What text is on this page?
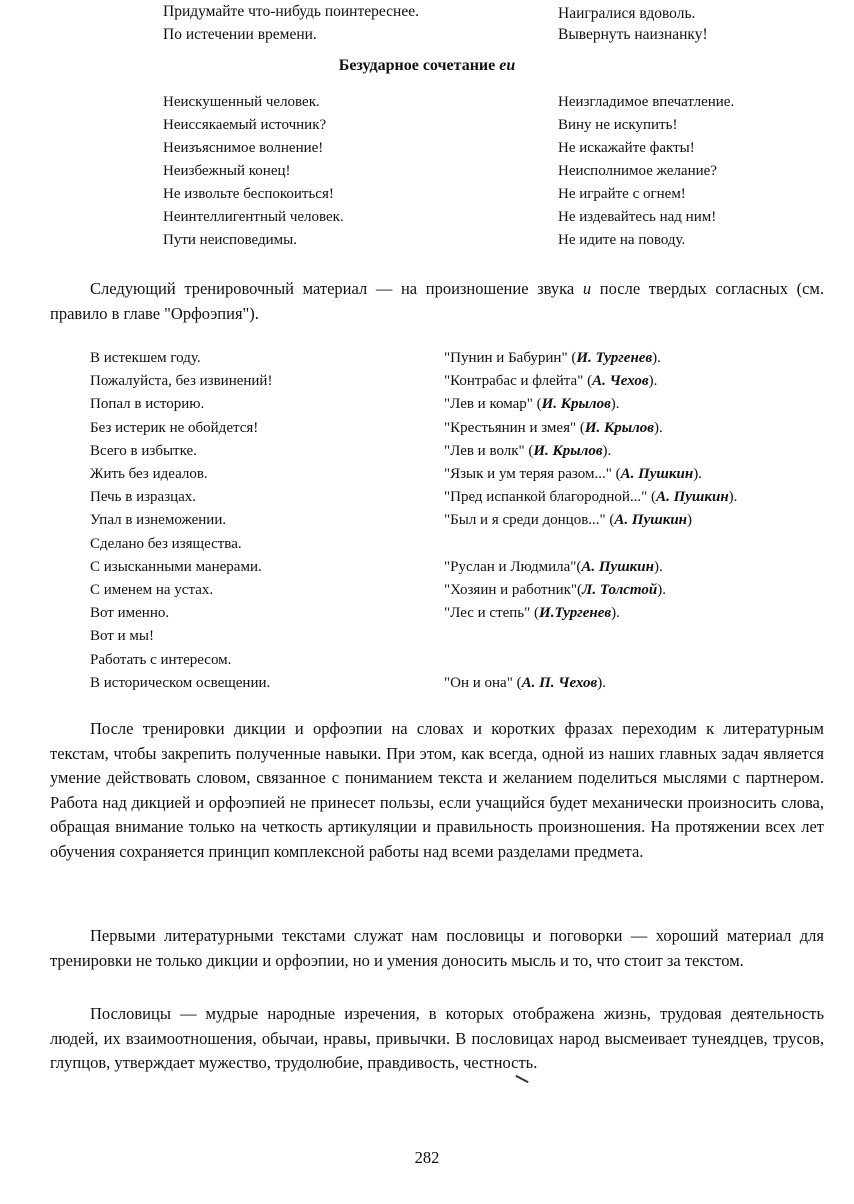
Придумайте что-нибудь поинтереснее.	Наигралися вдоволь.
По истечении времени.	Вывернуть наизнанку!
Безударное сочетание еи
Неискушенный человек.	Неизгладимое впечатление.
Неиссякаемый источник?	Вину не искупить!
Неизъяснимое волнение!	Не искажайте факты!
Неизбежный конец!	Неисполнимое желание?
Не извольте беспокоиться!	Не играйте с огнем!
Неинтеллигентный человек.	Не издевайтесь над ним!
Пути неисповедимы.	Не идите на поводу.
Следующий тренировочный материал — на произношение звука и после твердых согласных (см. правило в главе "Орфоэпия").
В истекшем году.	"Пунин и Бабурин" (И. Тургенев).
Пожалуйста, без извинений!	"Контрабас и флейта" (А. Чехов).
Попал в историю.	"Лев и комар" (И. Крылов).
Без истерик не обойдется!	"Крестьянин и змея" (И. Крылов).
Всего в избытке.	"Лев и волк" (И. Крылов).
Жить без идеалов.	"Язык и ум теряя разом..." (А. Пушкин).
Печь в изразцах.	"Пред испанкой благородной..." (А. Пушкин).
Упал в изнеможении.	"Был и я среди донцов..." (А. Пушкин)
Сделано без изящества.
С изысканными манерами.	"Руслан и Людмила"(А. Пушкин).
С именем на устах.	"Хозяин и работник"(Л. Толстой).
Вот именно.	"Лес и степь" (И.Тургенев).
Вот и мы!
Работать с интересом.
В историческом освещении.	"Он и она" (А. П. Чехов).
После тренировки дикции и орфоэпии на словах и коротких фразах переходим к литературным текстам, чтобы закрепить полученные навыки. При этом, как всегда, одной из наших главных задач является умение действовать словом, связанное с пониманием текста и желанием поделиться мыслями с партнером. Работа над дикцией и орфоэпией не принесет пользы, если учащийся будет механически произносить слова, обращая внимание только на четкость артикуляции и правильность произношения. На протяжении всех лет обучения сохраняется принцип комплексной работы над всеми разделами предмета.
Первыми литературными текстами служат нам пословицы и поговорки — хороший материал для тренировки не только дикции и орфоэпии, но и умения доносить мысль и то, что стоит за текстом.
Пословицы — мудрые народные изречения, в которых отображена жизнь, трудовая деятельность людей, их взаимоотношения, обычаи, нравы, привычки. В пословицах народ высмеивает тунеядцев, трусов, глупцов, утверждает мужество, трудолюбие, правдивость, честность.
282
